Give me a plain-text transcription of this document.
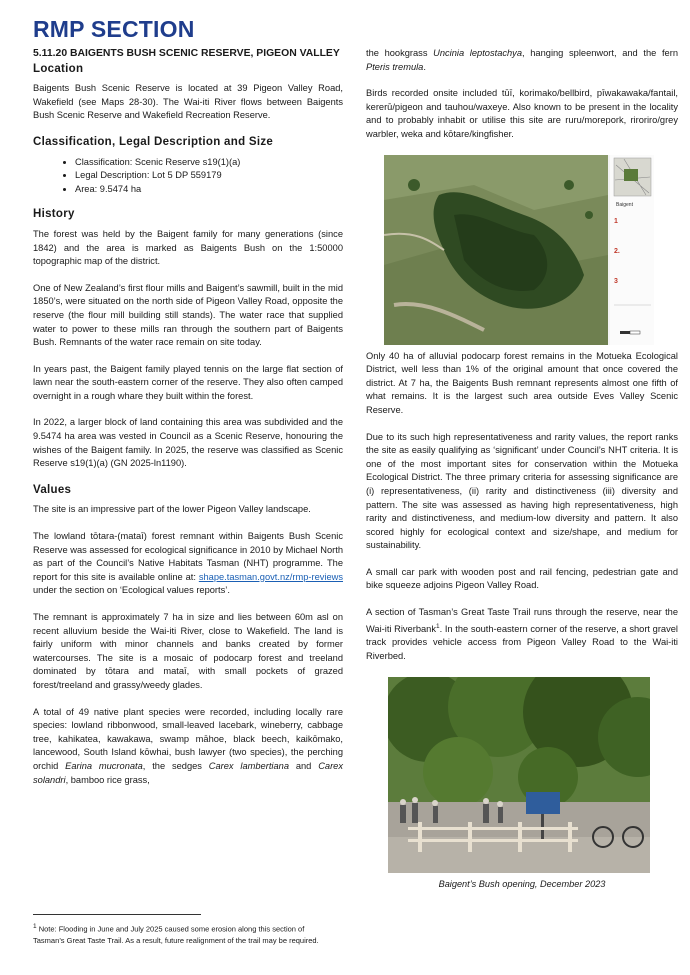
RMP SECTION
5.11.20 BAIGENTS BUSH SCENIC RESERVE, PIGEON VALLEY
Location

Baigents Bush Scenic Reserve is located at 39 Pigeon Valley Road, Wakefield (see Maps 28-30). The Wai-iti River flows between Baigents Bush Scenic Reserve and Wakefield Recreation Reserve.

Classification, Legal Description and Size
• Classification: Scenic Reserve s19(1)(a)
• Legal Description: Lot 5 DP 559179
• Area: 9.5474 ha
History

The forest was held by the Baigent family for many generations (since 1842) and the area is marked as Baigents Bush on the 1:50000 topographic map of the district.

One of New Zealand’s first flour mills and Baigent’s sawmill, built in the mid 1850’s, were situated on the north side of Pigeon Valley Road, opposite the reserve (the flour mill building still stands). The water race that supplied water to power to these mills ran through the southern part of Baigents Bush. Remnants of the water race remain on site today.

In years past, the Baigent family played tennis on the large flat section of lawn near the south-eastern corner of the reserve. They also often camped overnight in a rough whare they built within the forest.

In 2022, a larger block of land containing this area was subdivided and the 9.5474 ha area was vested in Council as a Scenic Reserve, honouring the wishes of the Baigent family. In 2025, the reserve was classified as Scenic Reserve s19(1)(a) (GN 2025-ln1190).

Values

The site is an impressive part of the lower Pigeon Valley landscape.

The lowland tōtara-(mataī) forest remnant within Baigents Bush Scenic Reserve was assessed for ecological significance in 2010 by Michael North as part of the Council’s Native Habitats Tasman (NHT) programme. The report for this site is available online at: shape.tasman.govt.nz/rmp-reviews under the section on ‘Ecological values reports’.

The remnant is approximately 7 ha in size and lies between 60m asl on recent alluvium beside the Wai-iti River, close to Wakefield. The land is fairly uniform with minor channels and banks created by former watercourses. The site is a mosaic of podocarp forest and treeland dominated by tōtara and mataī, with small pockets of grazed forest/treeland and grassy/weedy glades.

A total of 49 native plant species were recorded, including locally rare species: lowland ribbonwood, small-leaved lacebark, wineberry, cabbage tree, kahikatea, kawakawa, swamp māhoe, black beech, kaikōmako, lancewood, South Island kōwhai, bush lawyer (two species), the perching orchid Earina mucronata, the sedges Carex lambertiana and Carex solandri, bamboo rice grass,

the hookgrass Uncinia leptostachya, hanging spleenwort, and the fern Pteris tremula.

Birds recorded onsite included tūī, korimako/bellbird, pīwakawaka/fantail, kererū/pigeon and tauhou/waxeye. Also known to be present in the locality and to probably inhabit or utilise this site are ruru/morepork, riroriro/grey warbler, weka and kōtare/kingfisher.

Baigent
1
2.
3

Only 40 ha of alluvial podocarp forest remains in the Motueka Ecological District, well less than 1% of the original amount that once covered the district. At 7 ha, the Baigents Bush remnant represents almost one fifth of what remains. It is the largest such area outside Eves Valley Scenic Reserve.

Due to its such high representativeness and rarity values, the report ranks the site as easily qualifying as ‘significant’ under Council’s NHT criteria. It is one of the most important sites for conservation within the Motueka Ecological District. The three primary criteria for assessing significance are (i) representativeness, (ii) rarity and distinctiveness (iii) diversity and pattern. The site was assessed as having high representativeness, high rarity and distinctiveness, and medium-low diversity and pattern. It also scored highly for ecological context and size/shape, and medium for sustainability.

A small car park with wooden post and rail fencing, pedestrian gate and bike squeeze adjoins Pigeon Valley Road.

A section of Tasman’s Great Taste Trail runs through the reserve, near the Wai-iti Riverbank$^1$. In the south-eastern corner of the reserve, a short gravel track provides vehicle access from Pigeon Valley Road to the Wai-iti Riverbed.

Baigent’s Bush opening, December 2023
$^1$ Note: Flooding in June and July 2025 caused some erosion along this section of Tasman’s Great Taste Trail. As a result, future realignment of the trail may be required.
